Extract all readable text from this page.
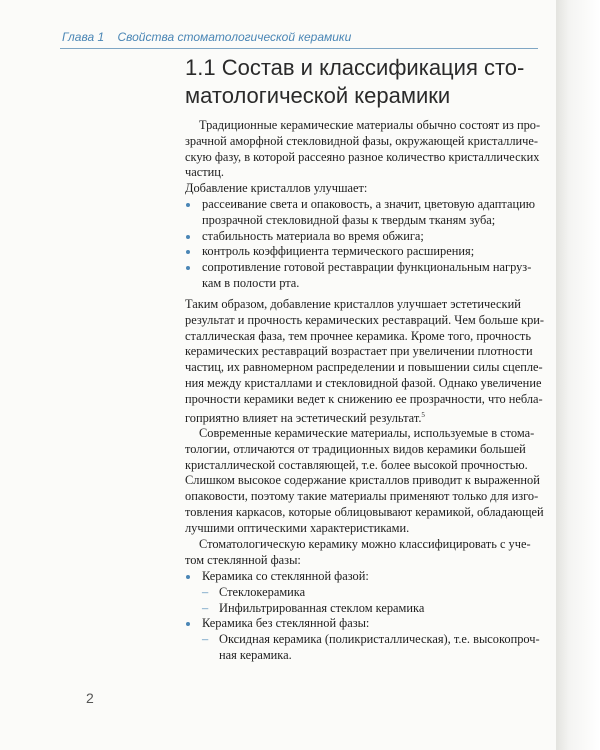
Глава 1 Свойства стоматологической керамики
1.1 Состав и классификация сто-
матологической керамики
Традиционные керамические материалы обычно состоят из про-
зрачной аморфной стекловидной фазы, окружающей кристалличе-
скую фазу, в которой рассеяно разное количество кристаллических
частиц.
Добавление кристаллов улучшает:
рассеивание света и опаковость, а значит, цветовую адаптацию
прозрачной стекловидной фазы к твердым тканям зуба;
стабильность материала во время обжига;
контроль коэффициента термического расширения;
сопротивление готовой реставрации функциональным нагруз-
кам в полости рта.
Таким образом, добавление кристаллов улучшает эстетический
результат и прочность керамических реставраций. Чем больше кри-
сталлическая фаза, тем прочнее керамика. Кроме того, прочность
керамических реставраций возрастает при увеличении плотности
частиц, их равномерном распределении и повышении силы сцепле-
ния между кристаллами и стекловидной фазой. Однако увеличение
прочности керамики ведет к снижению ее прозрачности, что небла-
гоприятно влияет на эстетический результат.$^5$
Современные керамические материалы, используемые в стома-
тологии, отличаются от традиционных видов керамики большей
кристаллической составляющей, т.е. более высокой прочностью.
Слишком высокое содержание кристаллов приводит к выраженной
опаковости, поэтому такие материалы применяют только для изго-
товления каркасов, которые облицовывают керамикой, обладающей
лучшими оптическими характеристиками.
Стоматологическую керамику можно классифицировать с уче-
том стеклянной фазы:
Керамика со стеклянной фазой:
– Стеклокерамика
– Инфильтрированная стеклом керамика
Керамика без стеклянной фазы:
– Оксидная керамика (поликристаллическая), т.е. высокопроч-
ная керамика.
2
